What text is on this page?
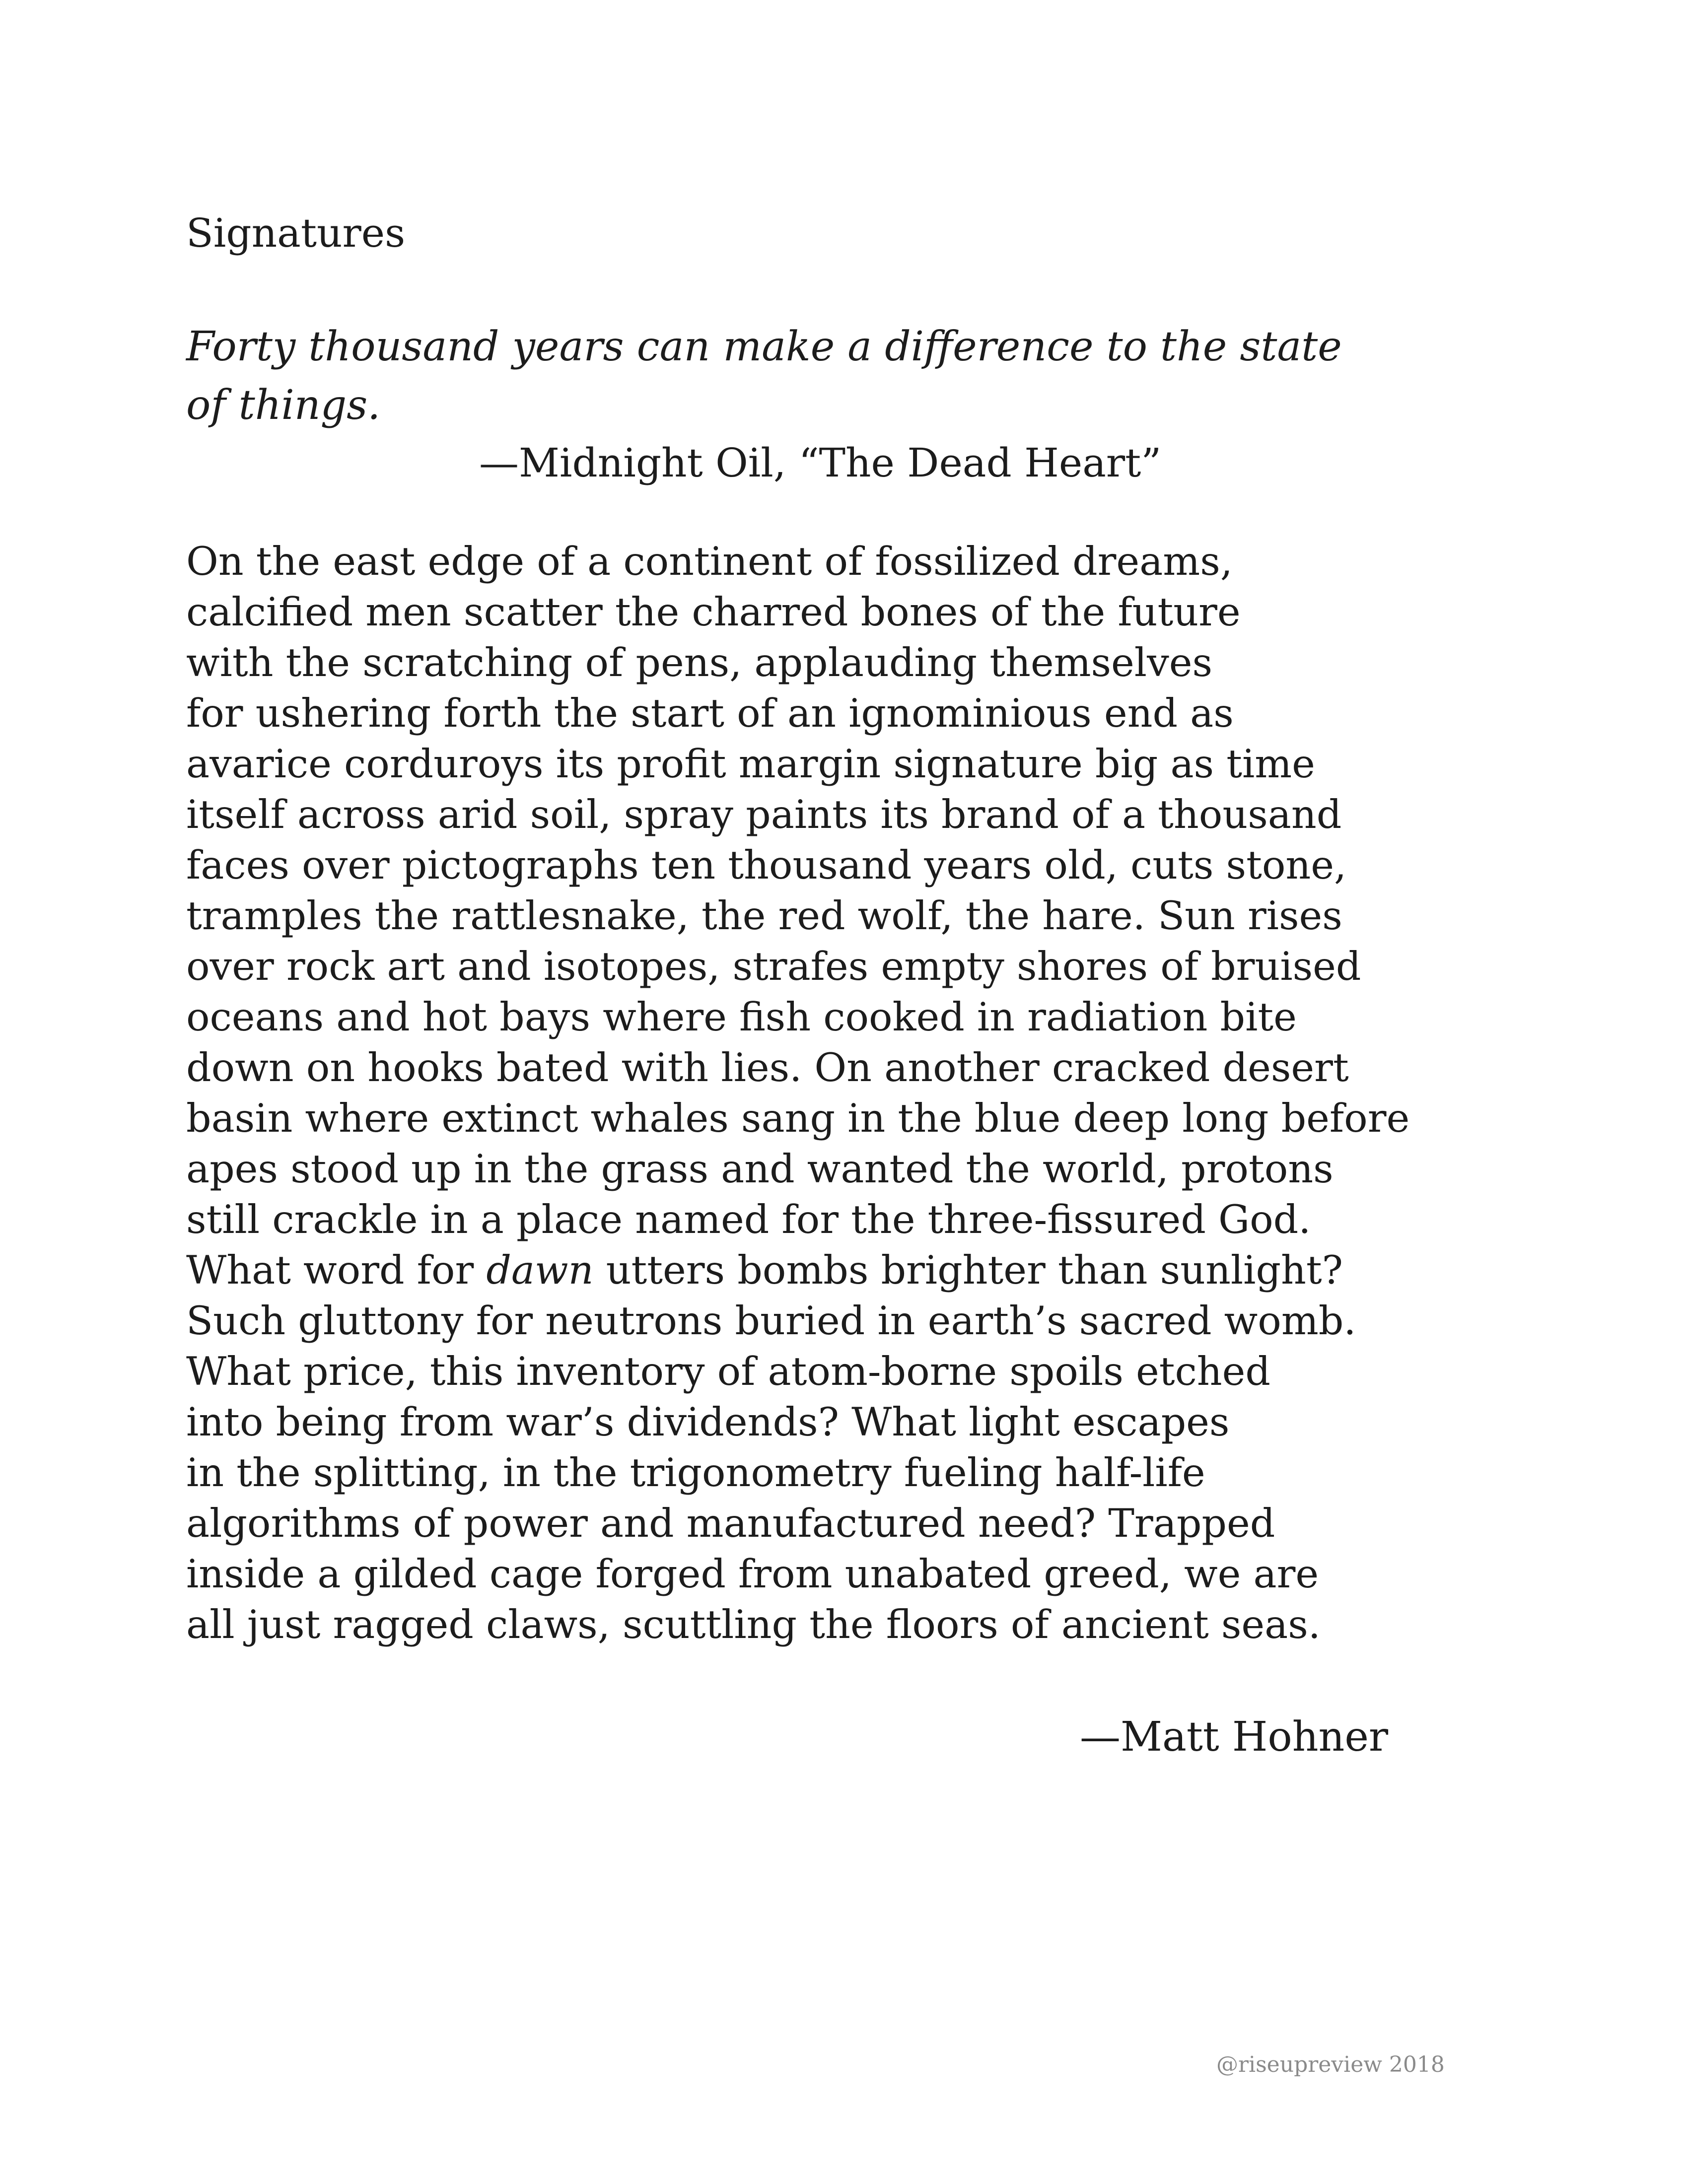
Signatures
Forty thousand years can make a difference to the state
of things.
—Midnight Oil, “The Dead Heart”
On the east edge of a continent of fossilized dreams,
calcified men scatter the charred bones of the future
with the scratching of pens, applauding themselves
for ushering forth the start of an ignominious end as
avarice corduroys its profit margin signature big as time
itself across arid soil, spray paints its brand of a thousand
faces over pictographs ten thousand years old, cuts stone,
tramples the rattlesnake, the red wolf, the hare. Sun rises
over rock art and isotopes, strafes empty shores of bruised
oceans and hot bays where fish cooked in radiation bite
down on hooks bated with lies. On another cracked desert
basin where extinct whales sang in the blue deep long before
apes stood up in the grass and wanted the world, protons
still crackle in a place named for the three-fissured God.
What word for dawn utters bombs brighter than sunlight?
Such gluttony for neutrons buried in earth’s sacred womb.
What price, this inventory of atom-borne spoils etched
into being from war’s dividends? What light escapes
in the splitting, in the trigonometry fueling half-life
algorithms of power and manufactured need? Trapped
inside a gilded cage forged from unabated greed, we are
all just ragged claws, scuttling the floors of ancient seas.
—Matt Hohner
@riseupreview 2018
